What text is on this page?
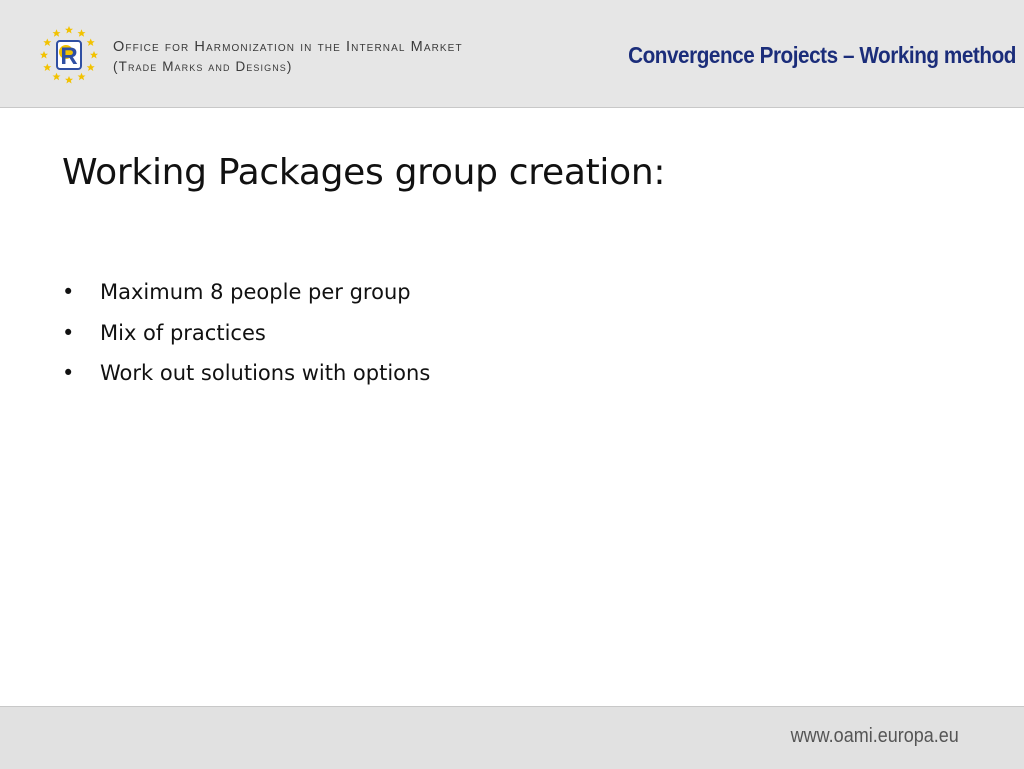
R Office for Harmonization in the Internal Market
(Trade Marks and Designs)	Convergence Projects – Working method
Working Packages group creation:
• Maximum 8 people per group
• Mix of practices
• Work out solutions with options
www.oami.europa.eu
